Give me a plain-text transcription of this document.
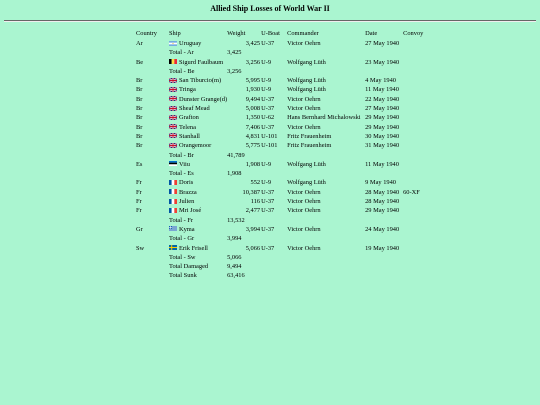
Allied Ship Losses of World War II
Country	Ship	Weight	U-Boat	Commander	Date	Convoy
Ar	Uruguay	3,425	U-37	Victor Oehrn	27 May 1940	
	Total - Ar	3,425				
Be	Sigurd Faulbaum	3,256	U-9	Wolfgang Lüth	23 May 1940	
	Total - Be	3,256				
Br	San Tiburcio(m)	5,995	U-9	Wolfgang Lüth	4 May 1940	
Br	Tringa	1,930	U-9	Wolfgang Lüth	11 May 1940	
Br	Dunster Grange(d)	9,494	U-37	Victor Oehrn	22 May 1940	
Br	Sheaf Mead	5,008	U-37	Victor Oehrn	27 May 1940	
Br	Grafton	1,350	U-62	Hans Bernhard Michalowski	29 May 1940	
Br	Telena	7,406	U-37	Victor Oehrn	29 May 1940	
Br	Stanhall	4,831	U-101	Fritz Frauenheim	30 May 1940	
Br	Orangemoor	5,775	U-101	Fritz Frauenheim	31 May 1940	
	Total - Br	41,789				
Es	Viiu	1,908	U-9	Wolfgang Lüth	11 May 1940	
	Total - Es	1,908				
Fr	Doris	552	U-9	Wolfgang Lüth	9 May 1940	
Fr	Brazza	10,387	U-37	Victor Oehrn	28 May 1940	60-XF
Fr	Julien	116	U-37	Victor Oehrn	28 May 1940	
Fr	Mri José	2,477	U-37	Victor Oehrn	29 May 1940	
	Total - Fr	13,532				
Gr	Kyma	3,994	U-37	Victor Oehrn	24 May 1940	
	Total - Gr	3,994				
Sw	Erik Frisell	5,066	U-37	Victor Oehrn	19 May 1940	
	Total - Sw	5,066				
	Total Damaged	9,494				
	Total Sunk	63,416				
